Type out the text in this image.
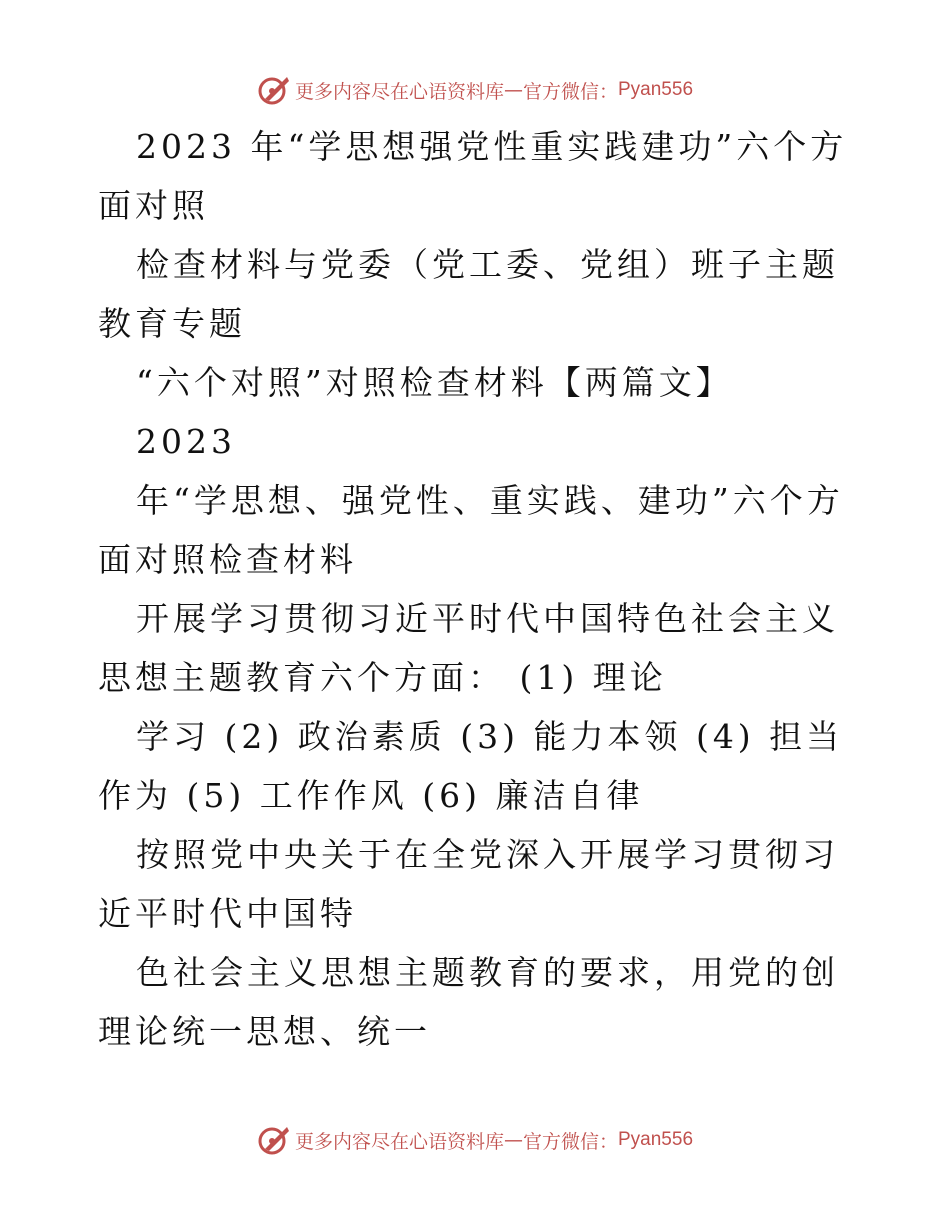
更多内容尽在心语资料库 — 官方微信： Pyan556

2023 年“学思想强党性重实践建功”六个方面对照

检查材料与党委（党工委、党组）班子主题教育专题

“六个对照”对照检查材料【两篇文】

2023

年“学思想、强党性、重实践、建功”六个方面对照检查材料

开展学习贯彻习近平时代中国特色社会主义思想主题教育六个方面： (1) 理论

学习 (2) 政治素质 (3) 能力本领 (4) 担当作为 (5) 工作作风 (6) 廉洁自律

按照党中央关于在全党深入开展学习贯彻习近平时代中国特

色社会主义思想主题教育的要求，用党的创理论统一思想、统一

更多内容尽在心语资料库 — 官方微信： Pyan556
